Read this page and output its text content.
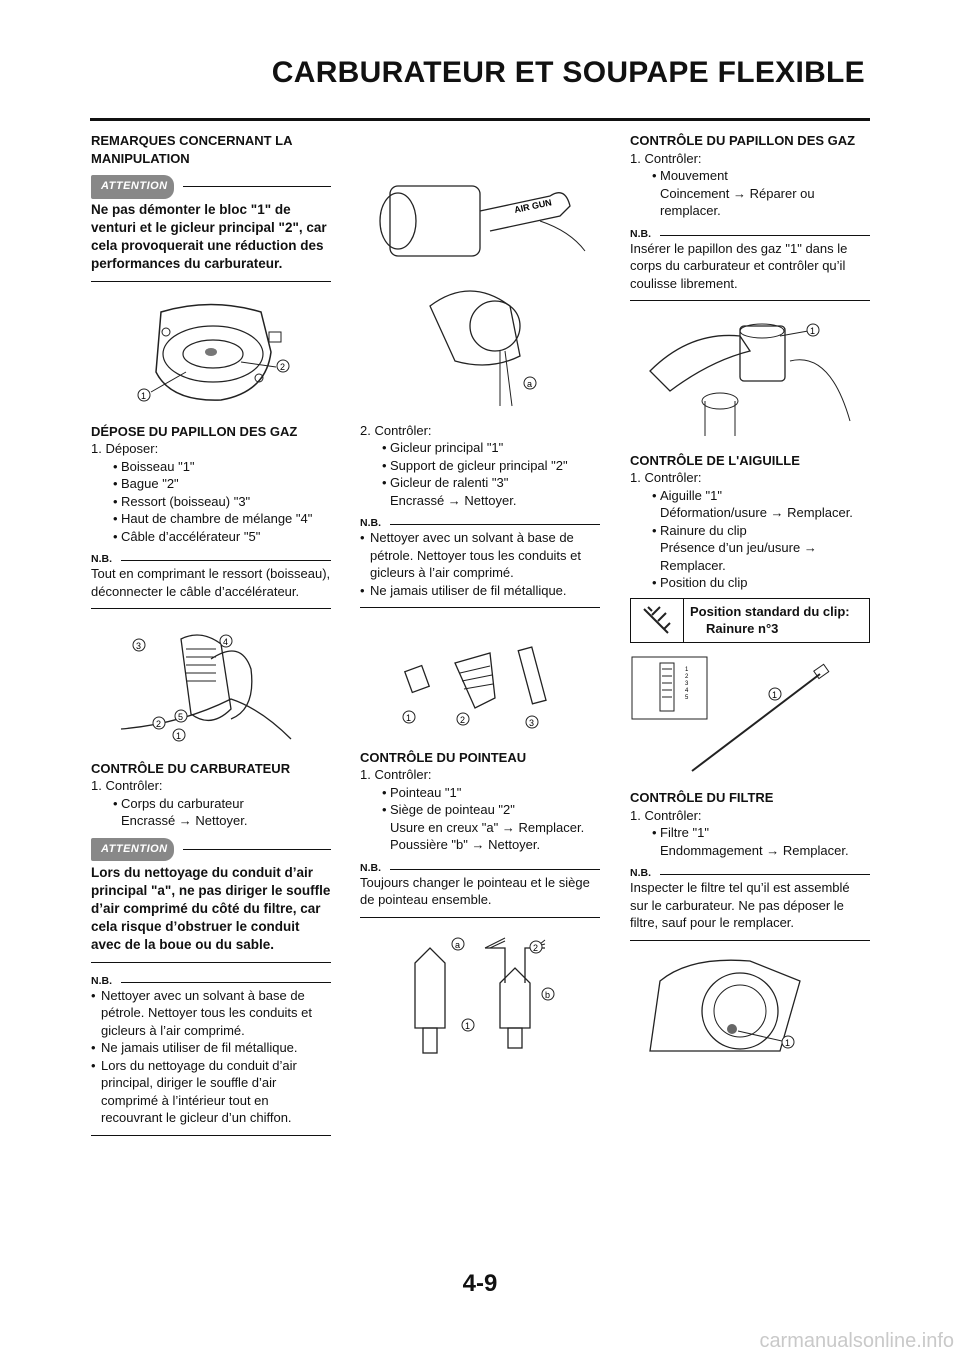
CARBURATEUR ET SOUPAPE FLEXIBLE
REMARQUES CONCERNANT LA MANIPULATION
ATTENTION
Ne pas démonter le bloc "1" de venturi et le gicleur principal "2", car cela provoquerait une réduction des performances du carburateur.
1
2
DÉPOSE DU PAPILLON DES GAZ
1. Déposer:
• Boisseau "1"
• Bague "2"
• Ressort (boisseau) "3"
• Haut de chambre de mélange "4"
• Câble d’accélérateur "5"
N.B.
Tout en comprimant le ressort (boisseau), déconnecter le câble d’accélérateur.
3	4
2
5
1
CONTRÔLE DU CARBURATEUR
1. Contrôler:
• Corps du carburateur
Encrassé → Nettoyer.
ATTENTION
Lors du nettoyage du conduit d’air principal "a", ne pas diriger le souffle d’air comprimé du côté du filtre, car cela risque d’obstruer le conduit avec de la boue ou du sable.
N.B.
• Nettoyer avec un solvant à base de pétrole. Nettoyer tous les conduits et gicleurs à l’air comprimé.
• Ne jamais utiliser de fil métallique.
• Lors du nettoyage du conduit d’air principal, diriger le souffle d’air comprimé à l’intérieur tout en recouvrant le gicleur d’un chiffon.
AIR GUN
a
2. Contrôler:
• Gicleur principal "1"
• Support de gicleur principal "2"
• Gicleur de ralenti "3"
Encrassé → Nettoyer.
N.B.
• Nettoyer avec un solvant à base de pétrole. Nettoyer tous les conduits et gicleurs à l’air comprimé.
• Ne jamais utiliser de fil métallique.
1	2	3
CONTRÔLE DU POINTEAU
1. Contrôler:
• Pointeau "1"
• Siège de pointeau "2"
Usure en creux "a" → Remplacer.
Poussière "b" → Nettoyer.
N.B.
Toujours changer le pointeau et le siège de pointeau ensemble.
a	2
b
1
CONTRÔLE DU PAPILLON DES GAZ
1. Contrôler:
• Mouvement
Coincement → Réparer ou remplacer.
N.B.
Insérer le papillon des gaz "1" dans le corps du carburateur et contrôler qu’il coulisse librement.
1
CONTRÔLE DE L'AIGUILLE
1. Contrôler:
• Aiguille "1"
Déformation/usure → Remplacer.
• Rainure du clip
Présence d’un jeu/usure → Remplacer.
• Position du clip
Position standard du clip:
Rainure n°3
1
2
3
4
5	1
CONTRÔLE DU FILTRE
1. Contrôler:
• Filtre "1"
Endommagement → Remplacer.
N.B.
Inspecter le filtre tel qu’il est assemblé sur le carburateur. Ne pas déposer le filtre, sauf pour le remplacer.
1
4-9
carmanualsonline.info
